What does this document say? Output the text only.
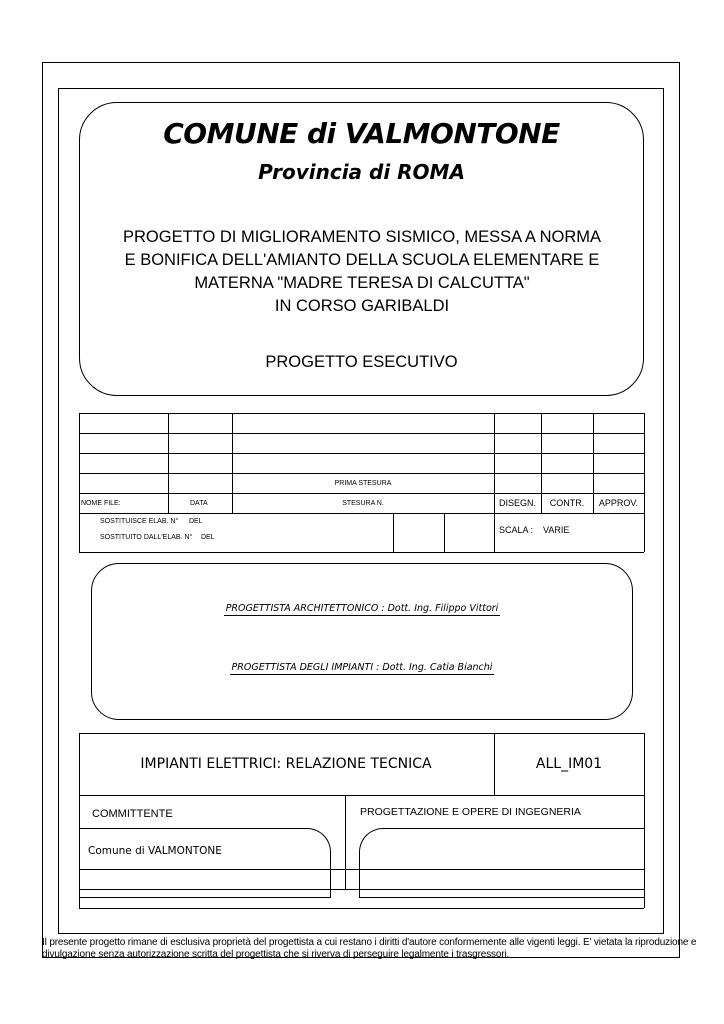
COMUNE di VALMONTONE
Provincia di ROMA
PROGETTO DI MIGLIORAMENTO SISMICO, MESSA A NORMA
E BONIFICA DELL'AMIANTO DELLA SCUOLA ELEMENTARE E
MATERNA "MADRE TERESA DI CALCUTTA"
IN CORSO GARIBALDI
PROGETTO ESECUTIVO
PRIMA STESURA
NOME FILE:	DATA	STESURA N.	DISEGN.	CONTR.	APPROV.
SOSTITUISCE ELAB. N° DEL
SOSTITUITO DALL'ELAB. N° DEL
SCALA : VARIE
PROGETTISTA ARCHITETTONICO : Dott. Ing. Filippo Vittori
PROGETTISTA DEGLI IMPIANTI : Dott. Ing. Catia Bianchi
IMPIANTI ELETTRICI: RELAZIONE TECNICA	ALL_IM01
COMMITTENTE
Comune di VALMONTONE
PROGETTAZIONE E OPERE DI INGEGNERIA
Il presente progetto rimane di esclusiva proprietà del progettista a cui restano i diritti d'autore conformemente alle vigenti leggi. E' vietata la riproduzione e
divulgazione senza autorizzazione scritta del progettista che si riverva di perseguire legalmente i trasgressori.
